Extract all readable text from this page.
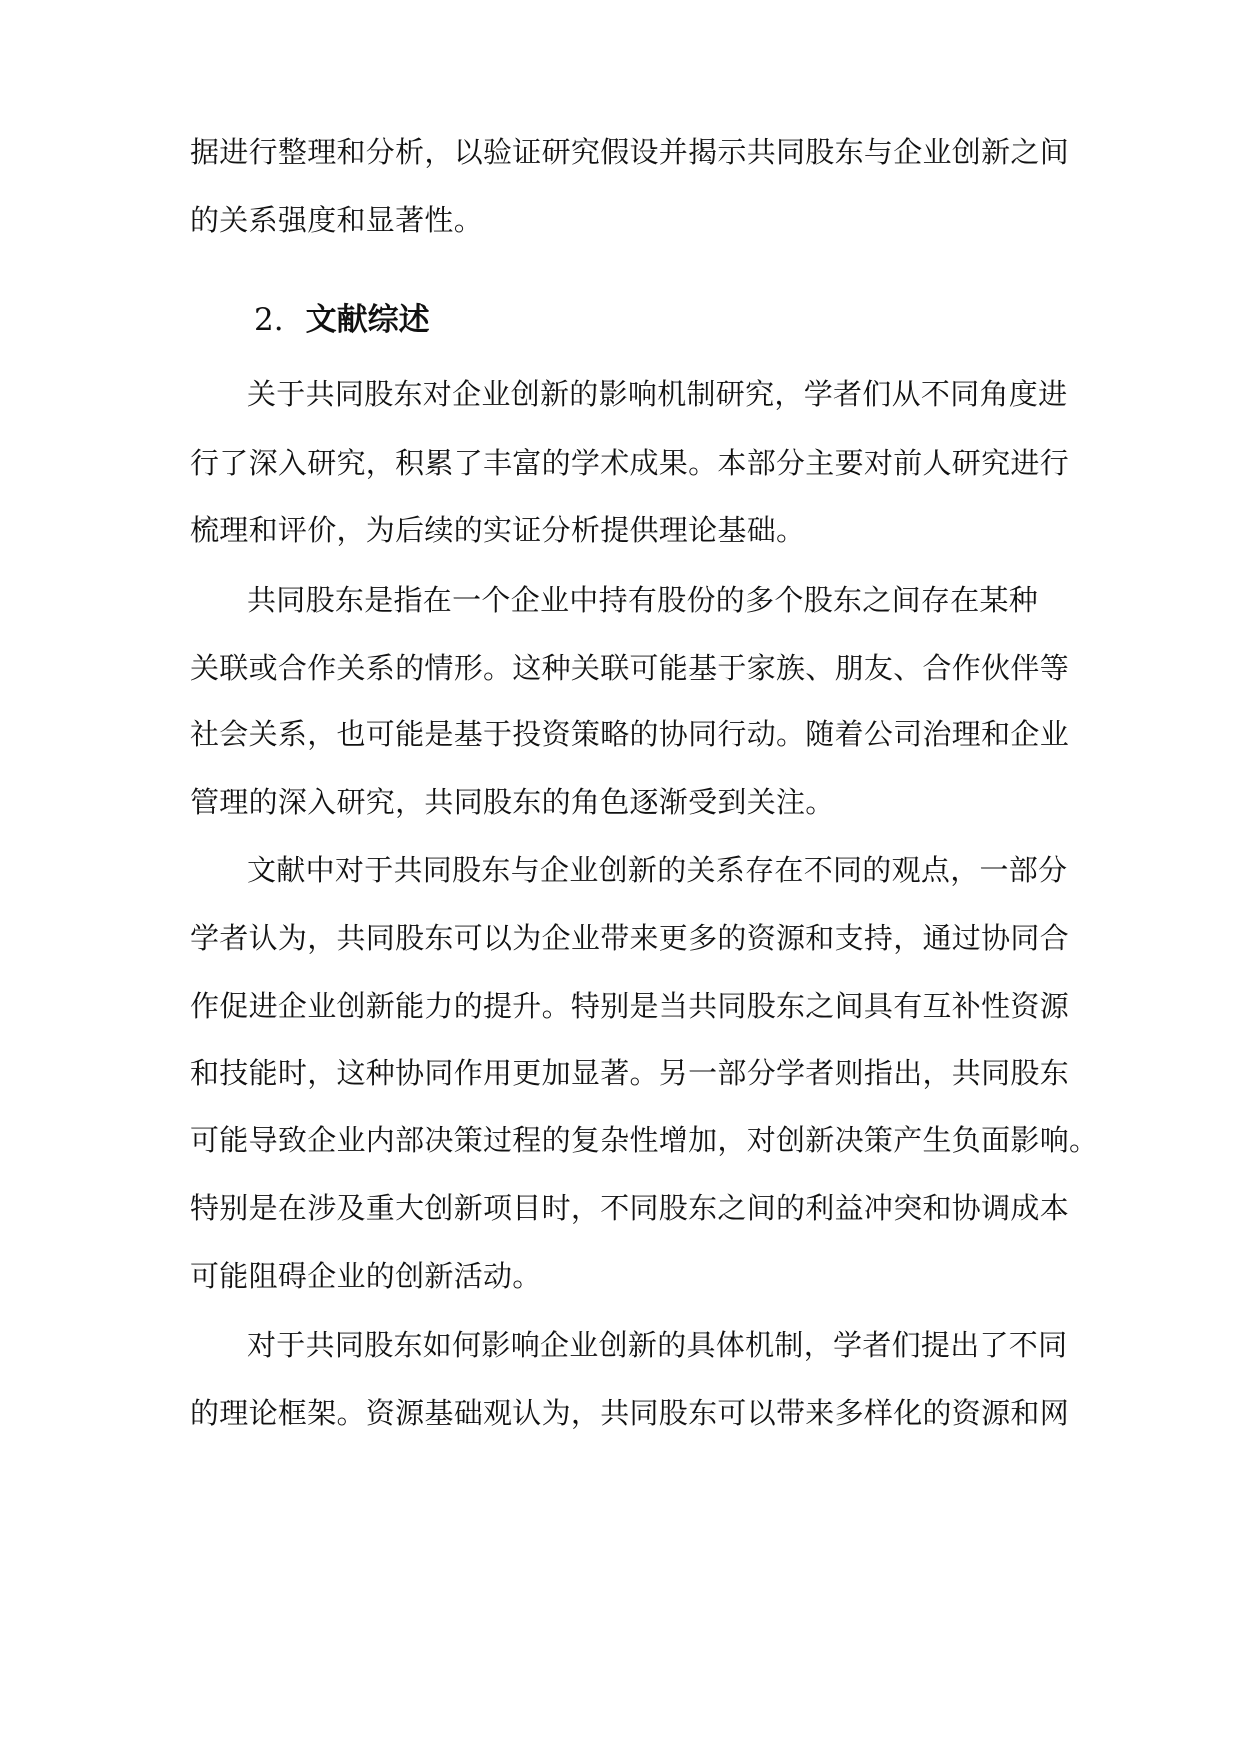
据进行整理和分析，以验证研究假设并揭示共同股东与企业创新之间
的关系强度和显著性。
2. 文献综述
关于共同股东对企业创新的影响机制研究，学者们从不同角度进
行了深入研究，积累了丰富的学术成果。本部分主要对前人研究进行
梳理和评价，为后续的实证分析提供理论基础。
共同股东是指在一个企业中持有股份的多个股东之间存在某种
关联或合作关系的情形。这种关联可能基于家族、朋友、合作伙伴等
社会关系，也可能是基于投资策略的协同行动。随着公司治理和企业
管理的深入研究，共同股东的角色逐渐受到关注。
文献中对于共同股东与企业创新的关系存在不同的观点，一部分
学者认为，共同股东可以为企业带来更多的资源和支持，通过协同合
作促进企业创新能力的提升。特别是当共同股东之间具有互补性资源
和技能时，这种协同作用更加显著。另一部分学者则指出，共同股东
可能导致企业内部决策过程的复杂性增加，对创新决策产生负面影响。
特别是在涉及重大创新项目时，不同股东之间的利益冲突和协调成本
可能阻碍企业的创新活动。
对于共同股东如何影响企业创新的具体机制，学者们提出了不同
的理论框架。资源基础观认为，共同股东可以带来多样化的资源和网
